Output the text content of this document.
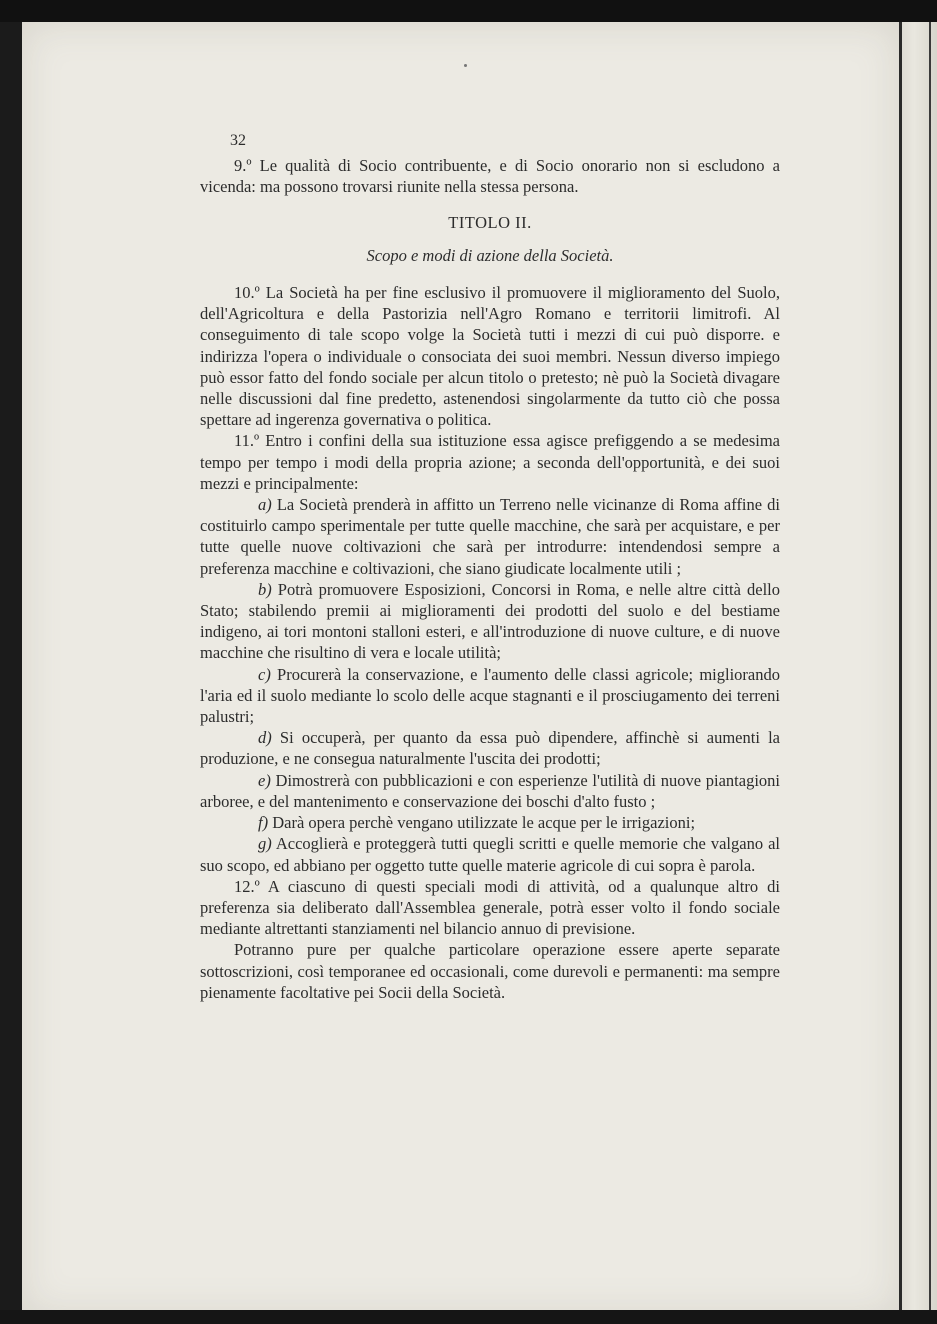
32

9.º Le qualità di Socio contribuente, e di Socio onorario non si escludono a vicenda: ma possono trovarsi riunite nella stessa persona.

TITOLO II.
Scopo e modi di azione della Società.

10.º La Società ha per fine esclusivo il promuovere il miglioramento del Suolo, dell'Agricoltura e della Pastorizia nell'Agro Romano e territorii limitrofi. Al conseguimento di tale scopo volge la Società tutti i mezzi di cui può disporre. e indirizza l'opera o individuale o consociata dei suoi membri. Nessun diverso impiego può essor fatto del fondo sociale per alcun titolo o pretesto; nè può la Società divagare nelle discussioni dal fine predetto, astenendosi singolarmente da tutto ciò che possa spettare ad ingerenza governativa o politica.

11.º Entro i confini della sua istituzione essa agisce prefiggendo a se medesima tempo per tempo i modi della propria azione; a seconda dell'opportunità, e dei suoi mezzi e principalmente:

a) La Società prenderà in affitto un Terreno nelle vicinanze di Roma affine di costituirlo campo sperimentale per tutte quelle macchine, che sarà per acquistare, e per tutte quelle nuove coltivazioni che sarà per introdurre: intendendosi sempre a preferenza macchine e coltivazioni, che siano giudicate localmente utili ;

b) Potrà promuovere Esposizioni, Concorsi in Roma, e nelle altre città dello Stato; stabilendo premii ai miglioramenti dei prodotti del suolo e del bestiame indigeno, ai tori montoni stalloni esteri, e all'introduzione di nuove culture, e di nuove macchine che risultino di vera e locale utilità;

c) Procurerà la conservazione, e l'aumento delle classi agricole; migliorando l'aria ed il suolo mediante lo scolo delle acque stagnanti e il prosciugamento dei terreni palustri;

d) Si occuperà, per quanto da essa può dipendere, affinchè si aumenti la produzione, e ne consegua naturalmente l'uscita dei prodotti;

e) Dimostrerà con pubblicazioni e con esperienze l'utilità di nuove piantagioni arboree, e del mantenimento e conservazione dei boschi d'alto fusto ;

f) Darà opera perchè vengano utilizzate le acque per le irrigazioni;

g) Accoglierà e proteggerà tutti quegli scritti e quelle memorie che valgano al suo scopo, ed abbiano per oggetto tutte quelle materie agricole di cui sopra è parola.

12.º A ciascuno di questi speciali modi di attività, od a qualunque altro di preferenza sia deliberato dall'Assemblea generale, potrà esser volto il fondo sociale mediante altrettanti stanziamenti nel bilancio annuo di previsione.

Potranno pure per qualche particolare operazione essere aperte separate sottoscrizioni, così temporanee ed occasionali, come durevoli e permanenti: ma sempre pienamente facoltative pei Socii della Società.
